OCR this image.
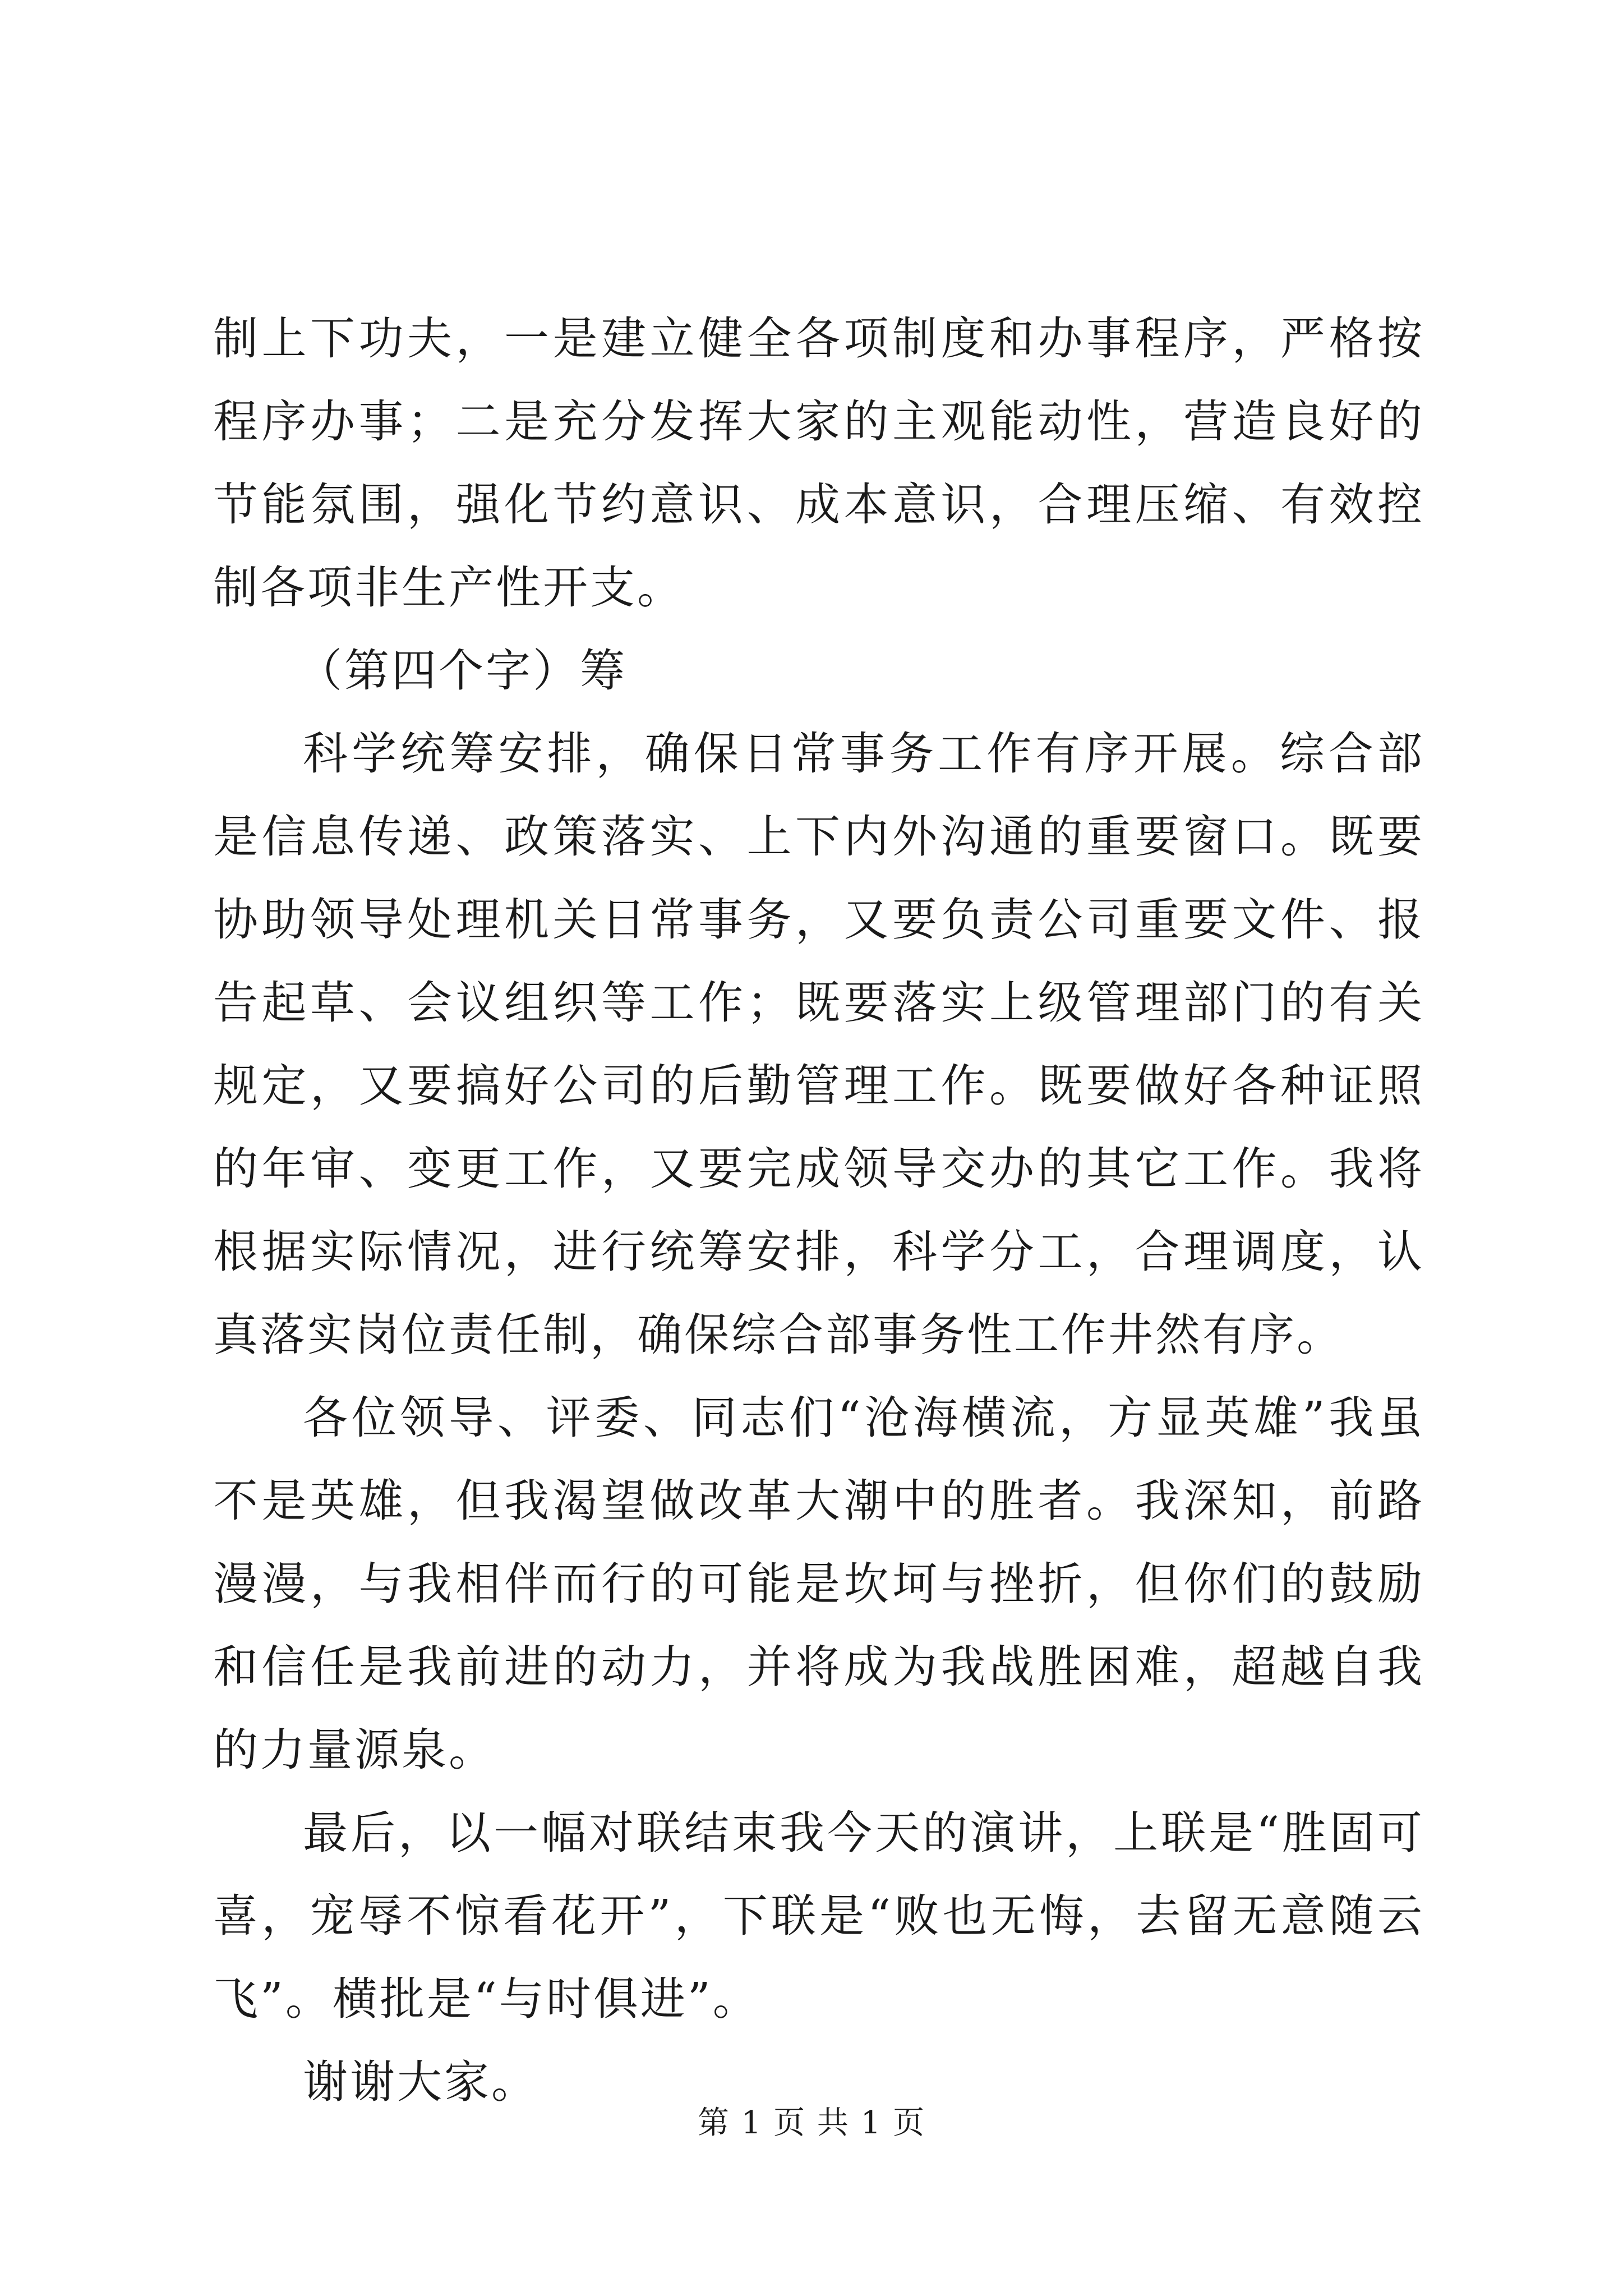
制上下功夫，一是建立健全各项制度和办事程序，严格按程序办事；二是充分发挥大家的主观能动性，营造良好的节能氛围，强化节约意识、成本意识，合理压缩、有效控制各项非生产性开支。

（第四个字）筹

科学统筹安排，确保日常事务工作有序开展。综合部是信息传递、政策落实、上下内外沟通的重要窗口。既要协助领导处理机关日常事务，又要负责公司重要文件、报告起草、会议组织等工作；既要落实上级管理部门的有关规定，又要搞好公司的后勤管理工作。既要做好各种证照的年审、变更工作，又要完成领导交办的其它工作。我将根据实际情况，进行统筹安排，科学分工，合理调度，认真落实岗位责任制，确保综合部事务性工作井然有序。

各位领导、评委、同志们“沧海横流，方显英雄”我虽不是英雄，但我渴望做改革大潮中的胜者。我深知，前路漫漫，与我相伴而行的可能是坎坷与挫折，但你们的鼓励和信任是我前进的动力，并将成为我战胜困难，超越自我的力量源泉。

最后，以一幅对联结束我今天的演讲，上联是“胜固可喜，宠辱不惊看花开”，下联是“败也无悔，去留无意随云飞”。横批是“与时俱进”。

谢谢大家。

第 1 页 共 1 页
